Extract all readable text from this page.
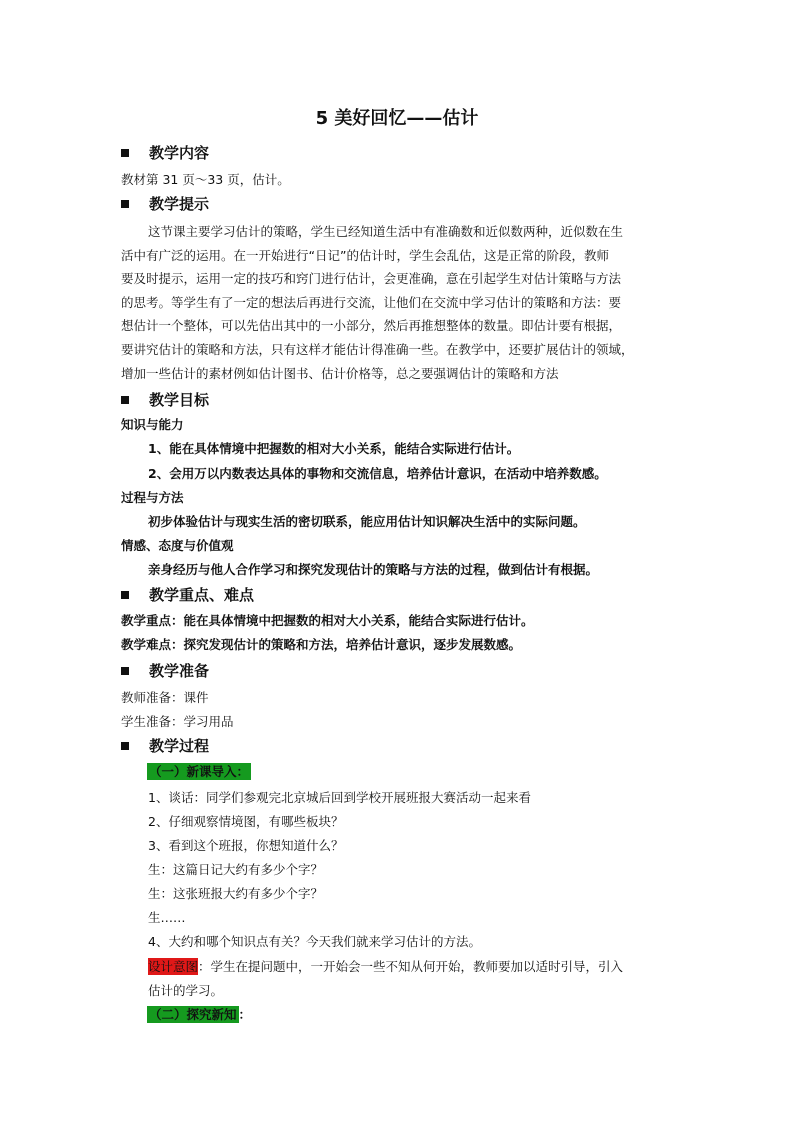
5 美好回忆——估计
教学内容
教材第 31 页～33 页，估计。
教学提示
这节课主要学习估计的策略，学生已经知道生活中有准确数和近似数两种，近似数在生
活中有广泛的运用。在一开始进行“日记”的估计时，学生会乱估，这是正常的阶段，教师
要及时提示，运用一定的技巧和窍门进行估计，会更准确，意在引起学生对估计策略与方法
的思考。等学生有了一定的想法后再进行交流，让他们在交流中学习估计的策略和方法：要
想估计一个整体，可以先估出其中的一小部分，然后再推想整体的数量。即估计要有根据，
要讲究估计的策略和方法，只有这样才能估计得准确一些。在教学中，还要扩展估计的领域，
增加一些估计的素材例如估计图书、估计价格等，总之要强调估计的策略和方法
教学目标
知识与能力
1、能在具体情境中把握数的相对大小关系，能结合实际进行估计。
2、会用万以内数表达具体的事物和交流信息，培养估计意识，在活动中培养数感。
过程与方法
初步体验估计与现实生活的密切联系，能应用估计知识解决生活中的实际问题。
情感、态度与价值观
亲身经历与他人合作学习和探究发现估计的策略与方法的过程，做到估计有根据。
教学重点、难点
教学重点：能在具体情境中把握数的相对大小关系，能结合实际进行估计。
教学难点：探究发现估计的策略和方法，培养估计意识，逐步发展数感。
教学准备
教师准备：课件
学生准备：学习用品
教学过程
（一）新课导入：
1、谈话：同学们参观完北京城后回到学校开展班报大赛活动一起来看
2、仔细观察情境图，有哪些板块？
3、看到这个班报，你想知道什么？
生：这篇日记大约有多少个字？
生：这张班报大约有多少个字？
生……
4、大约和哪个知识点有关？今天我们就来学习估计的方法。
设计意图：学生在提问题中，一开始会一些不知从何开始，教师要加以适时引导，引入
估计的学习。
（二）探究新知 ：
